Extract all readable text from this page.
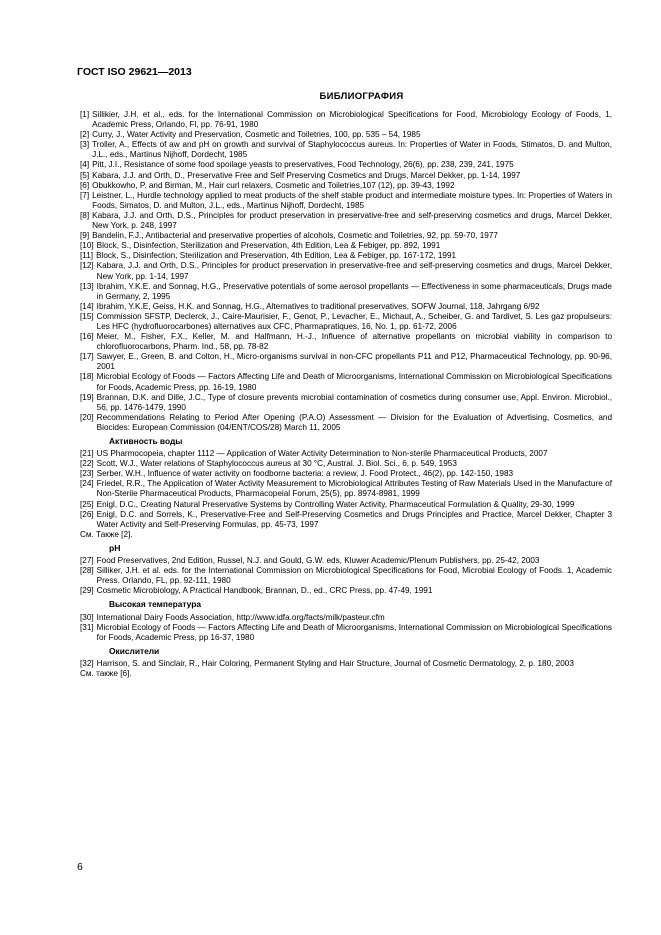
ГОСТ ISO 29621—2013
БИБЛИОГРАФИЯ
[1] Sillikier, J.H. et al., eds. for the International Commission on Microbiological Specifications for Food, Microbiology Ecology of Foods, 1, Academic Press, Orlando, Fl, pp. 76-91, 1980
[2] Curry, J., Water Activity and Preservation, Cosmetic and Toiletries, 100, pp. 535 – 54, 1985
[3] Troller, A., Effects of aw and pH on growth and survival of Staphylococcus aureus. In: Properties of Water in Foods, Stimatos, D. and Multon, J.L., eds., Martinus Nijhoff, Dordecht, 1985
[4] Pitt, J.I., Resistance of some food spoilage yeasts to preservatives, Food Technology, 26(6), pp. 238, 239, 241, 1975
[5] Kabara, J.J. and Orth, D., Preservative Free and Self Preserving Cosmetics and Drugs, Marcel Dekker, pp. 1-14, 1997
[6] Obukkowho, P. and Birman, M., Hair curl relaxers, Cosmetic and Toiletries,107 (12), pp. 39-43, 1992
[7] Leistner, L., Hurdle technology applied to meat products of the shelf stable product and intermediate moisture types. In: Properties of Waters in Foods, Simatos, D. and Multon, J.L., eds., Martinus Nijhoff, Dordecht, 1985
[8] Kabara, J.J. and Orth, D.S., Principles for product preservation in preservative-free and self-preserving cosmetics and drugs, Marcel Dekker, New York, p. 248, 1997
[9] Bandelin, F.J., Antibacterial and preservative properties of alcohols, Cosmetic and Toiletries, 92, pp. 59-70, 1977
[10] Block, S., Disinfection, Sterilization and Preservation, 4th Edition, Lea & Febiger, pp. 892, 1991
[11] Block, S., Disinfection, Sterilization and Preservation, 4th Edition, Lea & Febiger, pp. 167-172, 1991
[12] Kabara, J.J. and Orth, D.S., Principles for product preservation in preservative-free and self-preserving cosmetics and drugs, Marcel Dekker, New York, pp. 1-14, 1997
[13] Ibrahim, Y.K.E. and Sonnag, H.G., Preservative potentials of some aerosol propellants — Effectiveness in some pharmaceuticals, Drugs made in Germany, 2, 1995
[14] Ibrahim, Y.K.E, Geiss, H.K. and Sonnag, H.G., Alternatives to traditional preservatives, SOFW Journal, 118, Jahrgang 6/92
[15] Commission SFSTP, Declerck, J., Caire-Maurisier, F., Genot, P., Levacher, E., Michaut, A., Scheiber, G. and Tardivet, S. Les gaz propulseurs: Les HFC (hydrofluorocarbones) alternatives aux CFC, Pharmapratiques, 16, No. 1, pp. 61-72, 2006
[16] Meier, M., Fisher, F.X., Keller, M. and Halfmann, H.-J., Influence of alternative propellants on microbial viability in comparison to chlorofluorocarbons, Pharm. Ind., 58, pp. 78-82
[17] Sawyer, E., Green, B. and Colton, H., Micro-organisms survival in non-CFC propellants P11 and P12, Pharmaceutical Technology, pp. 90-96, 2001
[18] Microbial Ecology of Foods — Factors Affecting Life and Death of Microorganisms, International Commission on Microbiological Specifications for Foods, Academic Press, pp. 16-19, 1980
[19] Brannan, D.K. and Dille, J.C., Type of closure prevents microbial contamination of cosmetics during consumer use, Appl. Environ. Microbiol., 56, pp. 1476-1479, 1990
[20] Recommendations Relating to Period After Opening (P.A.O) Assessment — Division for the Evaluation of Advertising, Cosmetics, and Biocides: European Commission (04/ENT/COS/28) March 11, 2005
Активность воды
[21] US Pharmocopeia, chapter 1112 — Application of Water Activity Determination to Non-sterile Pharmaceutical Products, 2007
[22] Scott, W.J., Water relations of Staphylococcus aureus at 30 °C, Austral. J. Biol. Sci., 6, p. 549, 1953
[23] Serber, W.H., Influence of water activity on foodborne bacteria: a review, J. Food Protect., 46(2), pp. 142-150, 1983
[24] Friedel, R.R., The Application of Water Activity Measurement to Microbiological Attributes Testing of Raw Materials Used in the Manufacture of Non-Sterile Pharmaceutical Products, Pharmacopeial Forum, 25(5), pp. 8974-8981, 1999
[25] Enigl, D.C., Creating Natural Preservative Systems by Controlling Water Activity, Pharmaceutical Formulation & Quality, 29-30, 1999
[26] Enigl, D.C. and Sorrels, K., Preservative-Free and Self-Preserving Cosmetics and Drugs Principles and Practice, Marcel Dekker, Chapter 3 Water Activity and Self-Preserving Formulas, pp. 45-73, 1997
См. Также [2].
pH
[27] Food Preservatives, 2nd Edition, Russel, N.J. and Gould, G.W. eds, Kluwer Academic/Plenum Publishers, pp. 25-42, 2003
[28] Silliker, J.H. et al. eds. for the International Commission on Microbiological Specifications for Food, Microbial Ecology of Foods. 1, Academic Press. Orlando, FL, pp. 92-111, 1980
[29] Cosmetic Microbiology, A Practical Handbook, Brannan, D., ed., CRC Press, pp. 47-49, 1991
Высокая температура
[30] International Dairy Foods Association, http://www.idfa.org/facts/milk/pasteur.cfm
[31] Microbial Ecology of Foods — Factors Affecting Life and Death of Microorganisms, International Commission on Microbiological Specifications for Foods, Academic Press, pp 16-37, 1980
Окислители
[32] Harrison, S. and Sinclair, R., Hair Coloring, Permanent Styling and Hair Structure, Journal of Cosmetic Dermatology, 2, p. 180, 2003
См. также [6].
6
